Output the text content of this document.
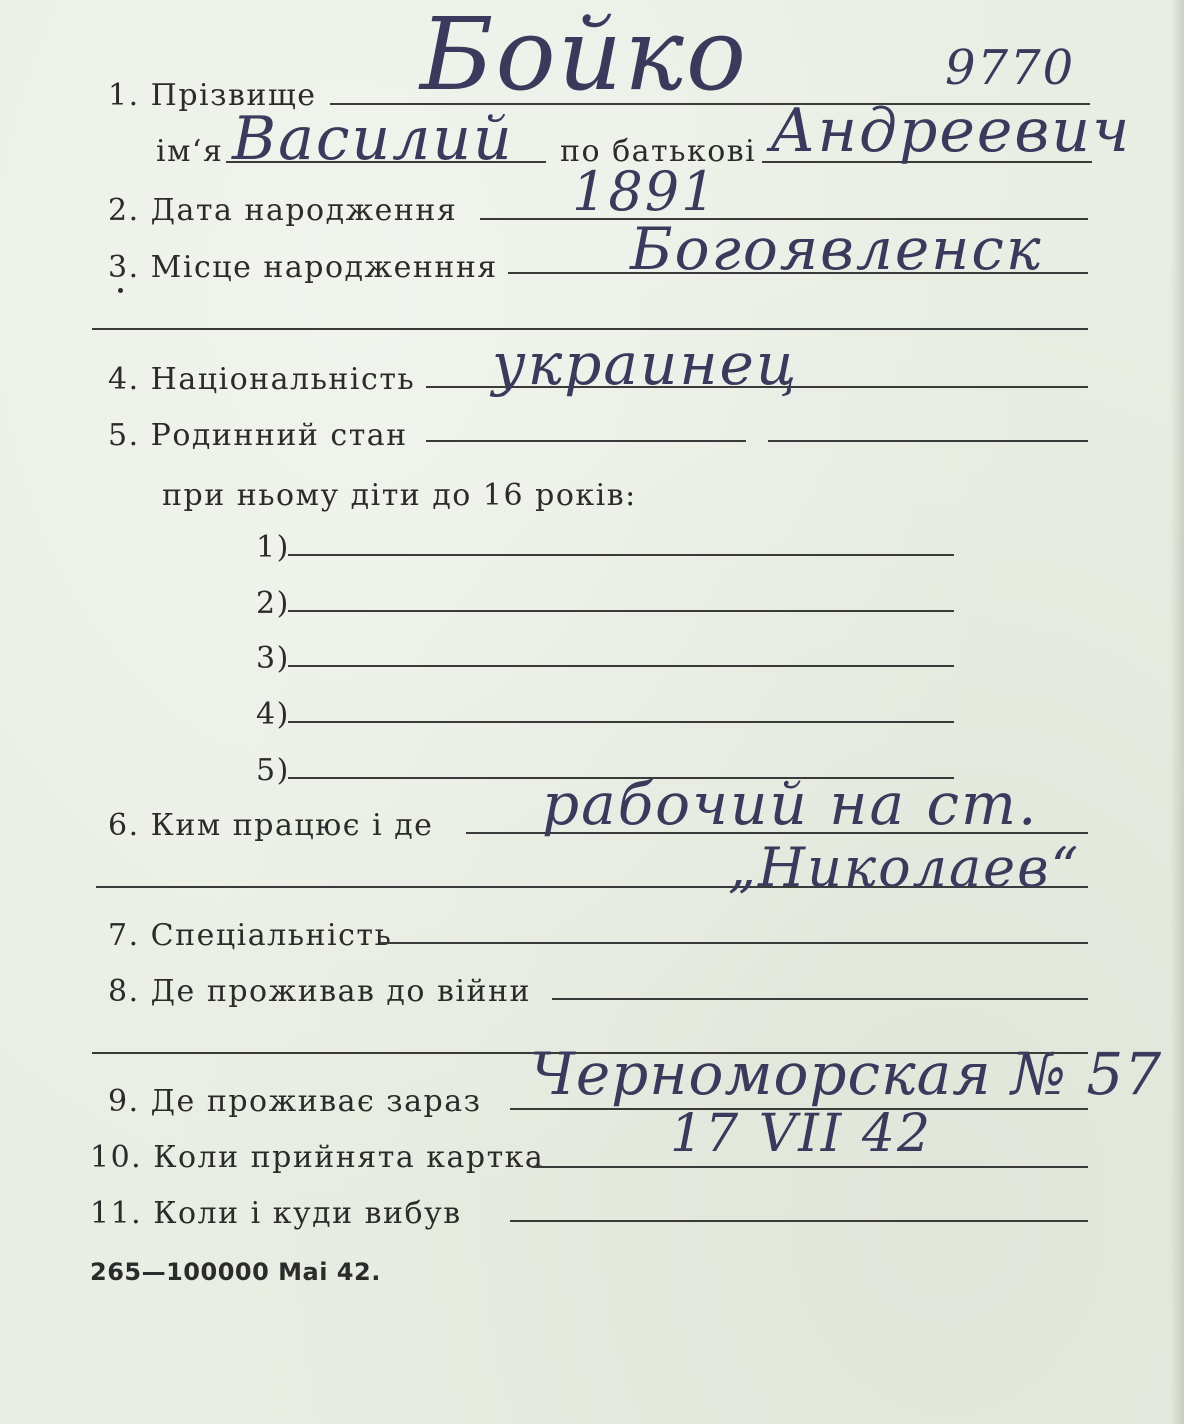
9770
1. Прізвище Бойко
ім‘я Василий по батькові Андреевич
2. Дата народження 1891
3. Місце народженння Богоявленск
4. Національність украинец
5. Родинний стан
при ньому діти до 16 років:
1)
2)
3)
4)
5)
6. Ким працює і де рабочий на ст.
„Николаев“
7. Спеціальність
8. Де проживав до війни
9. Де проживає зараз Черноморская № 57
10. Коли прийнята картка 17 VII 42
11. Коли і куди вибув
265—100000 Mai 42.
